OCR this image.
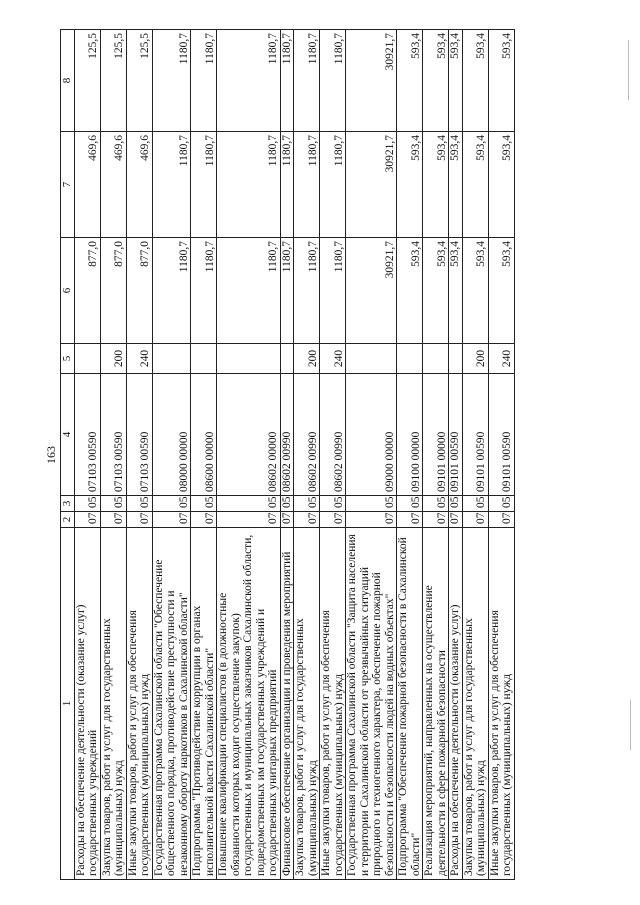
163
1	2	3	4	5	6	7	8
Расходы на обеспечение деятельности (оказание услуг) государственных учреждений	07	05	07103 00590		877,0	469,6	125,5
Закупка товаров, работ и услуг для государственных (муниципальных) нужд	07	05	07103 00590	200	877,0	469,6	125,5
Иные закупки товаров, работ и услуг для обеспечения государственных (муниципальных) нужд	07	05	07103 00590	240	877,0	469,6	125,5
Государственная программа Сахалинской области "Обеспечение общественного порядка, противодействие преступности и незаконному обороту наркотиков в Сахалинской области"	07	05	08000 00000		1180,7	1180,7	1180,7
Подпрограмма "Противодействие коррупции в органах исполнительной власти Сахалинской области"	07	05	08600 00000		1180,7	1180,7	1180,7
Повышение квалификации специалистов (в должностные обязанности которых входит осуществление закупок) государственных и муниципальных заказчиков Сахалинской области, подведомственных им государственных учреждений и государственных унитарных предприятий	07	05	08602 00000		1180,7	1180,7	1180,7
Финансовое обеспечение организации и проведения мероприятий	07	05	08602 00990		1180,7	1180,7	1180,7
Закупка товаров, работ и услуг для государственных (муниципальных) нужд	07	05	08602 00990	200	1180,7	1180,7	1180,7
Иные закупки товаров, работ и услуг для обеспечения государственных (муниципальных) нужд	07	05	08602 00990	240	1180,7	1180,7	1180,7
Государственная программа Сахалинской области "Защита населения и территории Сахалинской области от чрезвычайных ситуаций природного и техногенного характера, обеспечение пожарной безопасности и безопасности людей на водных объектах"	07	05	09000 00000		30921,7	30921,7	30921,7
Подпрограмма "Обеспечение пожарной безопасности в Сахалинской области"	07	05	09100 00000		593,4	593,4	593,4
Реализация мероприятий, направленных на осуществление деятельности в сфере пожарной безопасности	07	05	09101 00000		593,4	593,4	593,4
Расходы на обеспечение деятельности (оказание услуг)	07	05	09101 00590		593,4	593,4	593,4
Закупка товаров, работ и услуг для государственных (муниципальных) нужд	07	05	09101 00590	200	593,4	593,4	593,4
Иные закупки товаров, работ и услуг для обеспечения государственных (муниципальных) нужд	07	05	09101 00590	240	593,4	593,4	593,4
